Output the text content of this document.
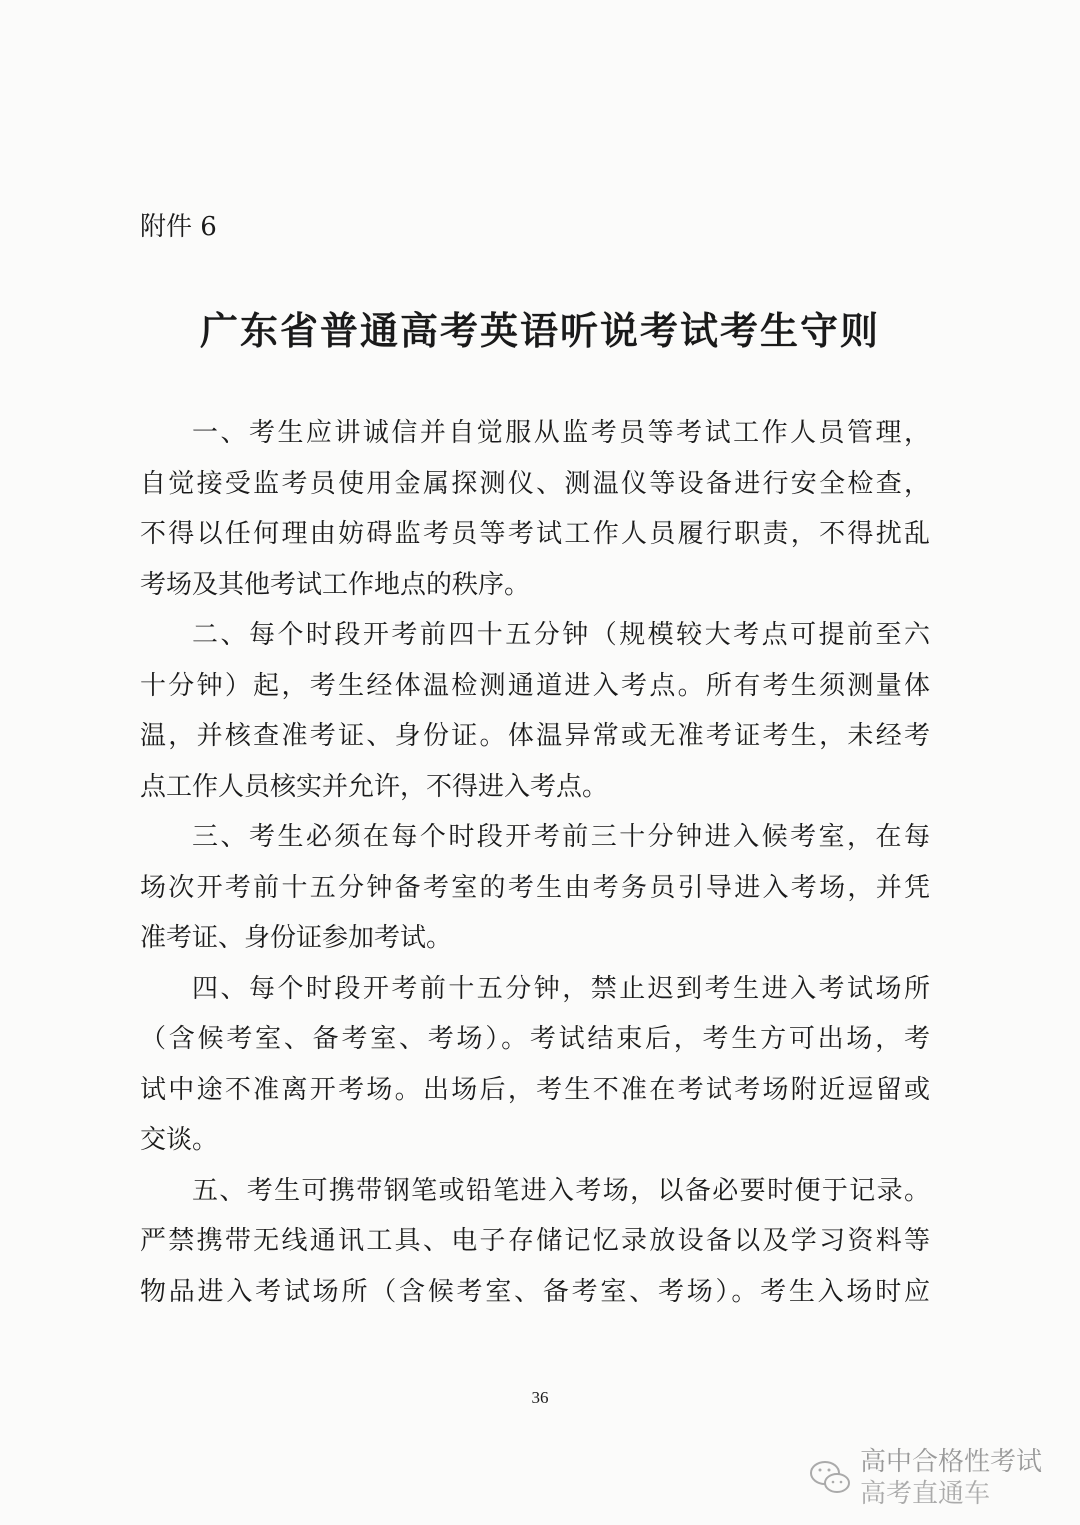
附件 6
广东省普通高考英语听说考试考生守则
一、考生应讲诚信并自觉服从监考员等考试工作人员管理，
自觉接受监考员使用金属探测仪、测温仪等设备进行安全检查，
不得以任何理由妨碍监考员等考试工作人员履行职责，不得扰乱
考场及其他考试工作地点的秩序。
二、每个时段开考前四十五分钟（规模较大考点可提前至六
十分钟）起，考生经体温检测通道进入考点。所有考生须测量体
温，并核查准考证、身份证。体温异常或无准考证考生，未经考
点工作人员核实并允许，不得进入考点。
三、考生必须在每个时段开考前三十分钟进入候考室，在每
场次开考前十五分钟备考室的考生由考务员引导进入考场，并凭
准考证、身份证参加考试。
四、每个时段开考前十五分钟，禁止迟到考生进入考试场所
（含候考室、备考室、考场）。考试结束后，考生方可出场，考
试中途不准离开考场。出场后，考生不准在考试考场附近逗留或
交谈。
五、考生可携带钢笔或铅笔进入考场，以备必要时便于记录。
严禁携带无线通讯工具、电子存储记忆录放设备以及学习资料等
物品进入考试场所（含候考室、备考室、考场）。考生入场时应
36
高中合格性考试
高考直通车
